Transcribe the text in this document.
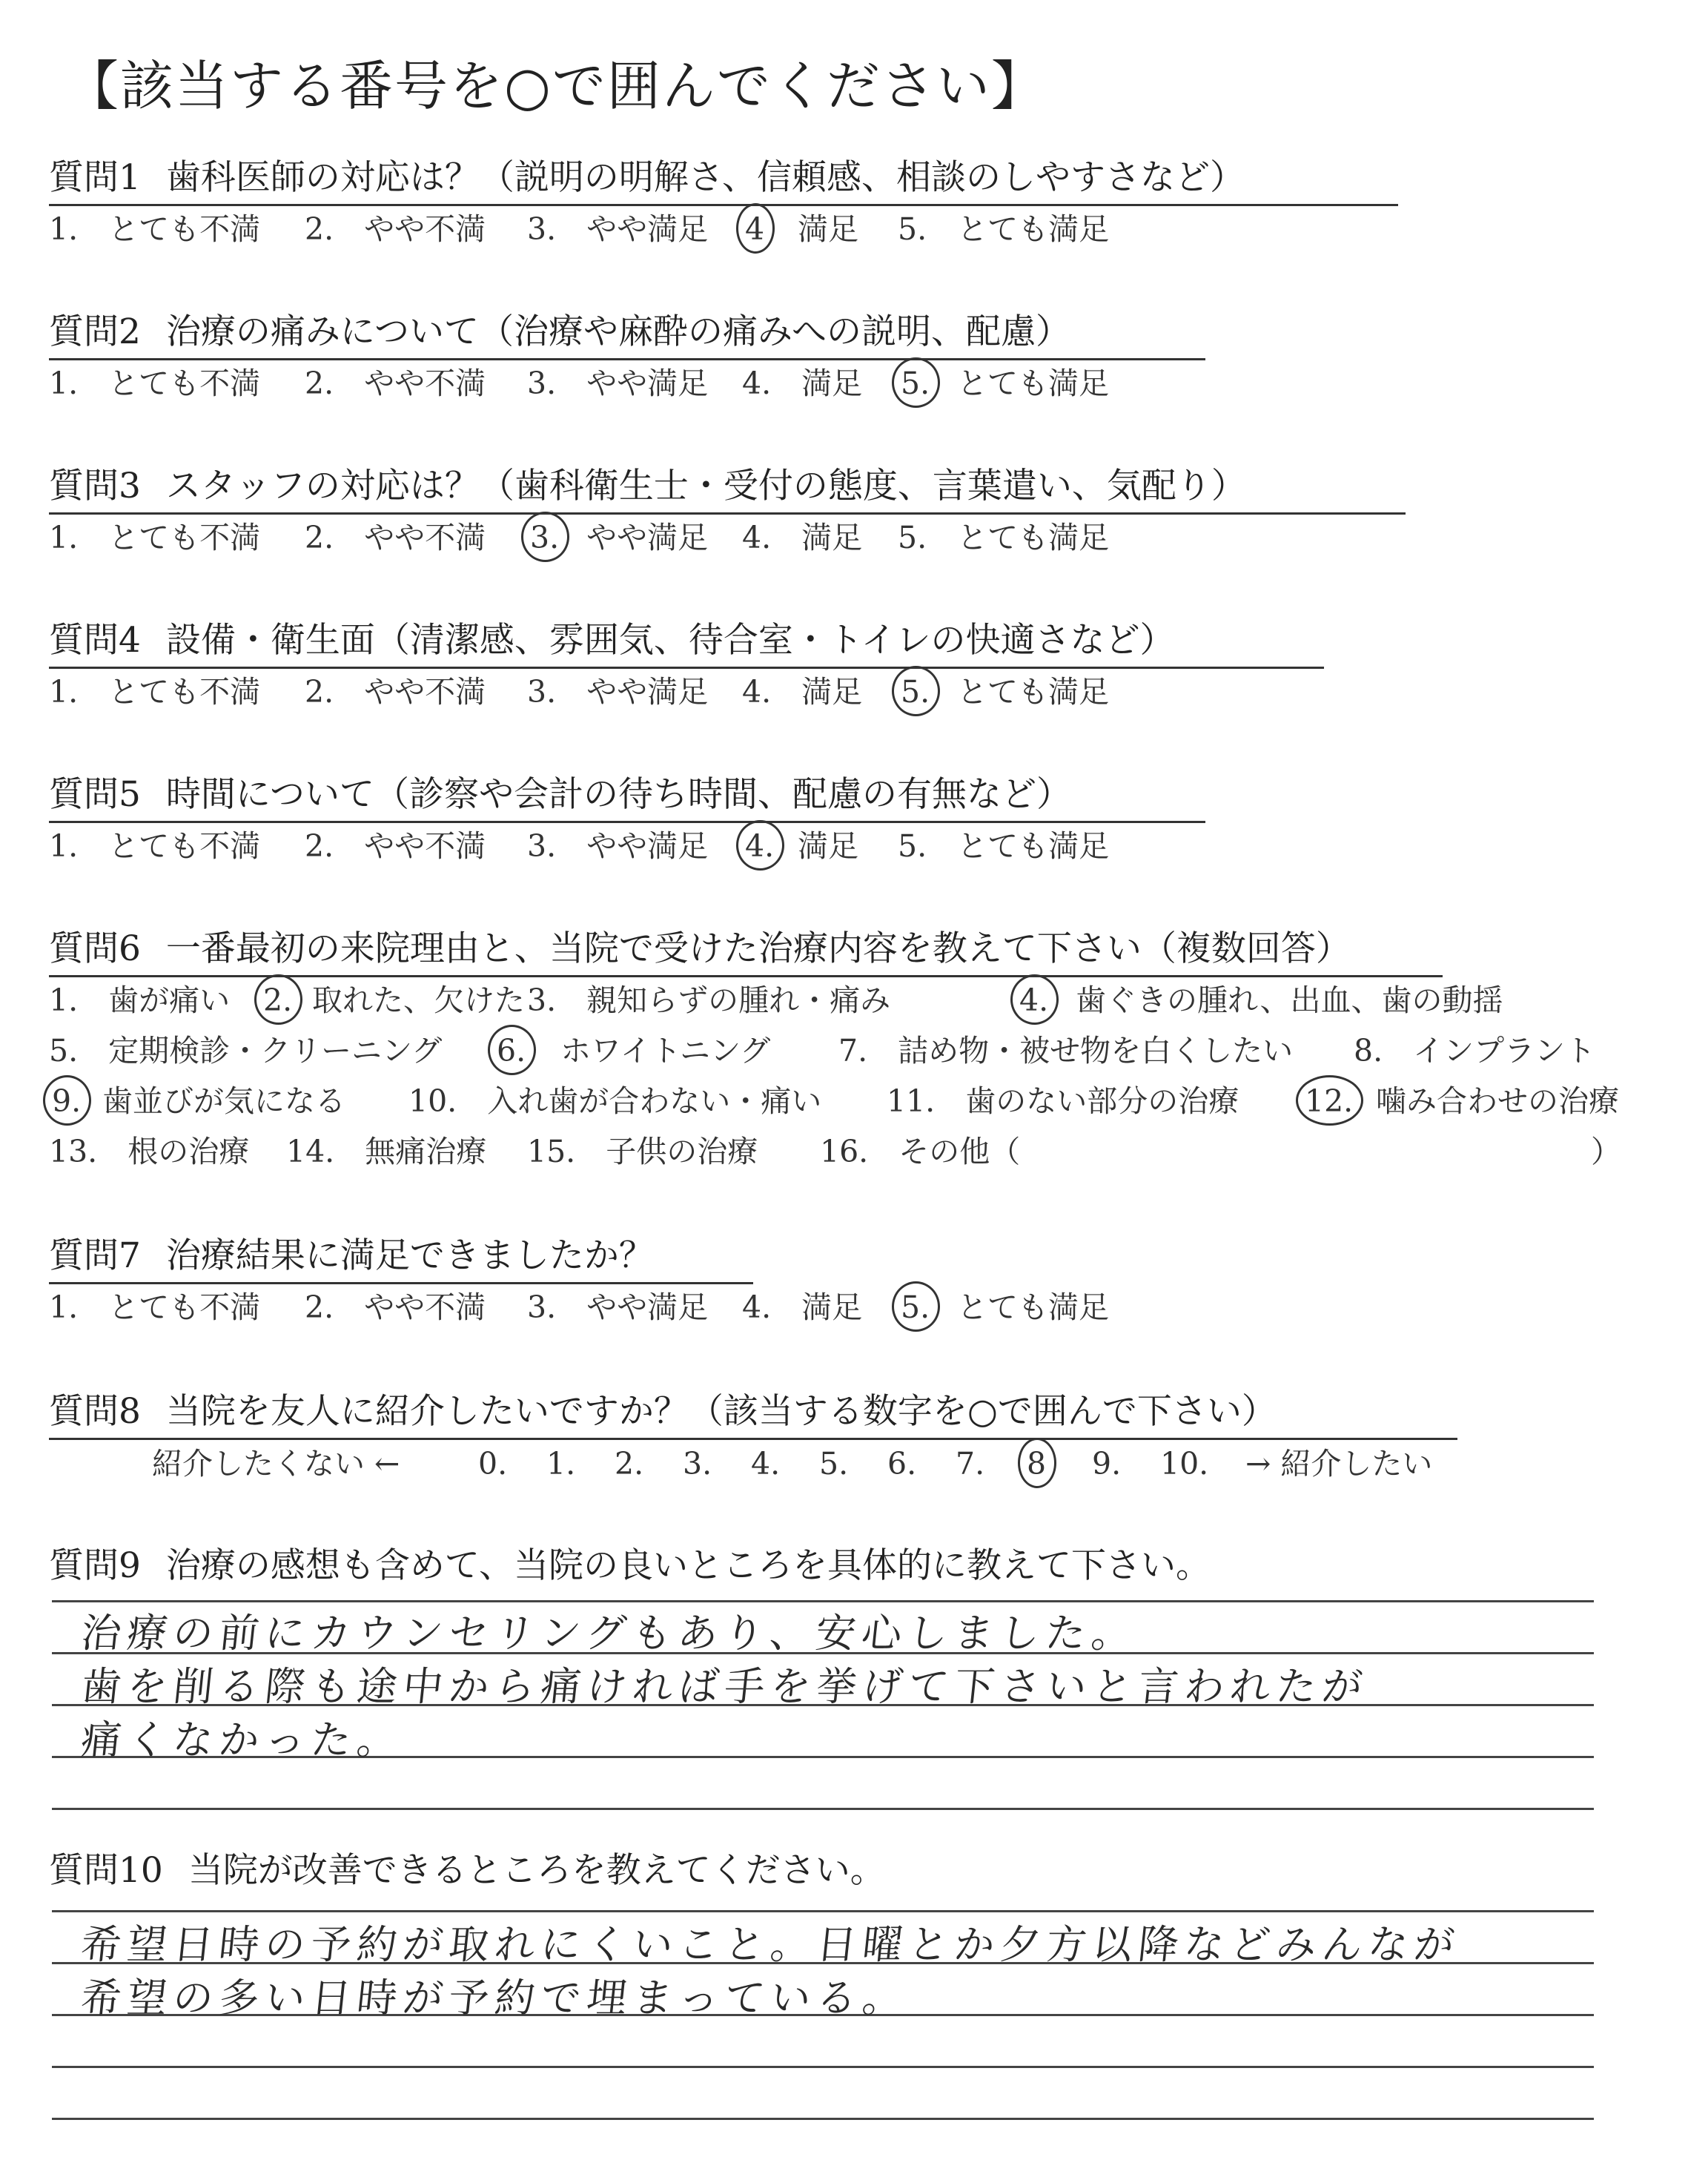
【該当する番号を○で囲んでください】
質問1 歯科医師の対応は？（説明の明解さ、信頼感、相談のしやすさなど）
1.　とても不満 2.　やや不満 3.　やや満足 4 満足 5.　とても満足
質問2 治療の痛みについて（治療や麻酔の痛みへの説明、配慮）
1.　とても不満 2.　やや不満 3.　やや満足 4.　満足 5. とても満足
質問3 スタッフの対応は？（歯科衛生士・受付の態度、言葉遣い、気配り）
1.　とても不満 2.　やや不満 3. やや満足 4.　満足 5.　とても満足
質問4 設備・衛生面（清潔感、雰囲気、待合室・トイレの快適さなど）
1.　とても不満 2.　やや不満 3.　やや満足 4.　満足 5. とても満足
質問5 時間について（診察や会計の待ち時間、配慮の有無など）
1.　とても不満 2.　やや不満 3.　やや満足 4. 満足 5.　とても満足
質問6 一番最初の来院理由と、当院で受けた治療内容を教えて下さい（複数回答）
1.　歯が痛い 2. 取れた、欠けた 3.　親知らずの腫れ・痛み	4. 歯ぐきの腫れ、出血、歯の動揺
5.　定期検診・クリーニング 6. ホワイトニング 7.　詰め物・被せ物を白くしたい 8.　インプラント
9. 歯並びが気になる 10.　入れ歯が合わない・痛い 11.　歯のない部分の治療 12. 噛み合わせの治療
13.　根の治療 14.　無痛治療 15.　子供の治療 16.　その他（	）
質問7 治療結果に満足できましたか？
1.　とても不満 2.　やや不満 3.　やや満足 4.　満足 5. とても満足
質問8 当院を友人に紹介したいですか？（該当する数字を○で囲んで下さい）
紹介したくない ←	0. 1. 2. 3. 4. 5. 6. 7. 8 9. 10. → 紹介したい
質問9 治療の感想も含めて、当院の良いところを具体的に教えて下さい。
治療の前にカウンセリングもあり、安心しました。
歯を削る際も途中から痛ければ手を挙げて下さいと言われたが
痛くなかった。
質問10 当院が改善できるところを教えてください。
希望日時の予約が取れにくいこと。日曜とか夕方以降などみんなが
希望の多い日時が予約で埋まっている。
